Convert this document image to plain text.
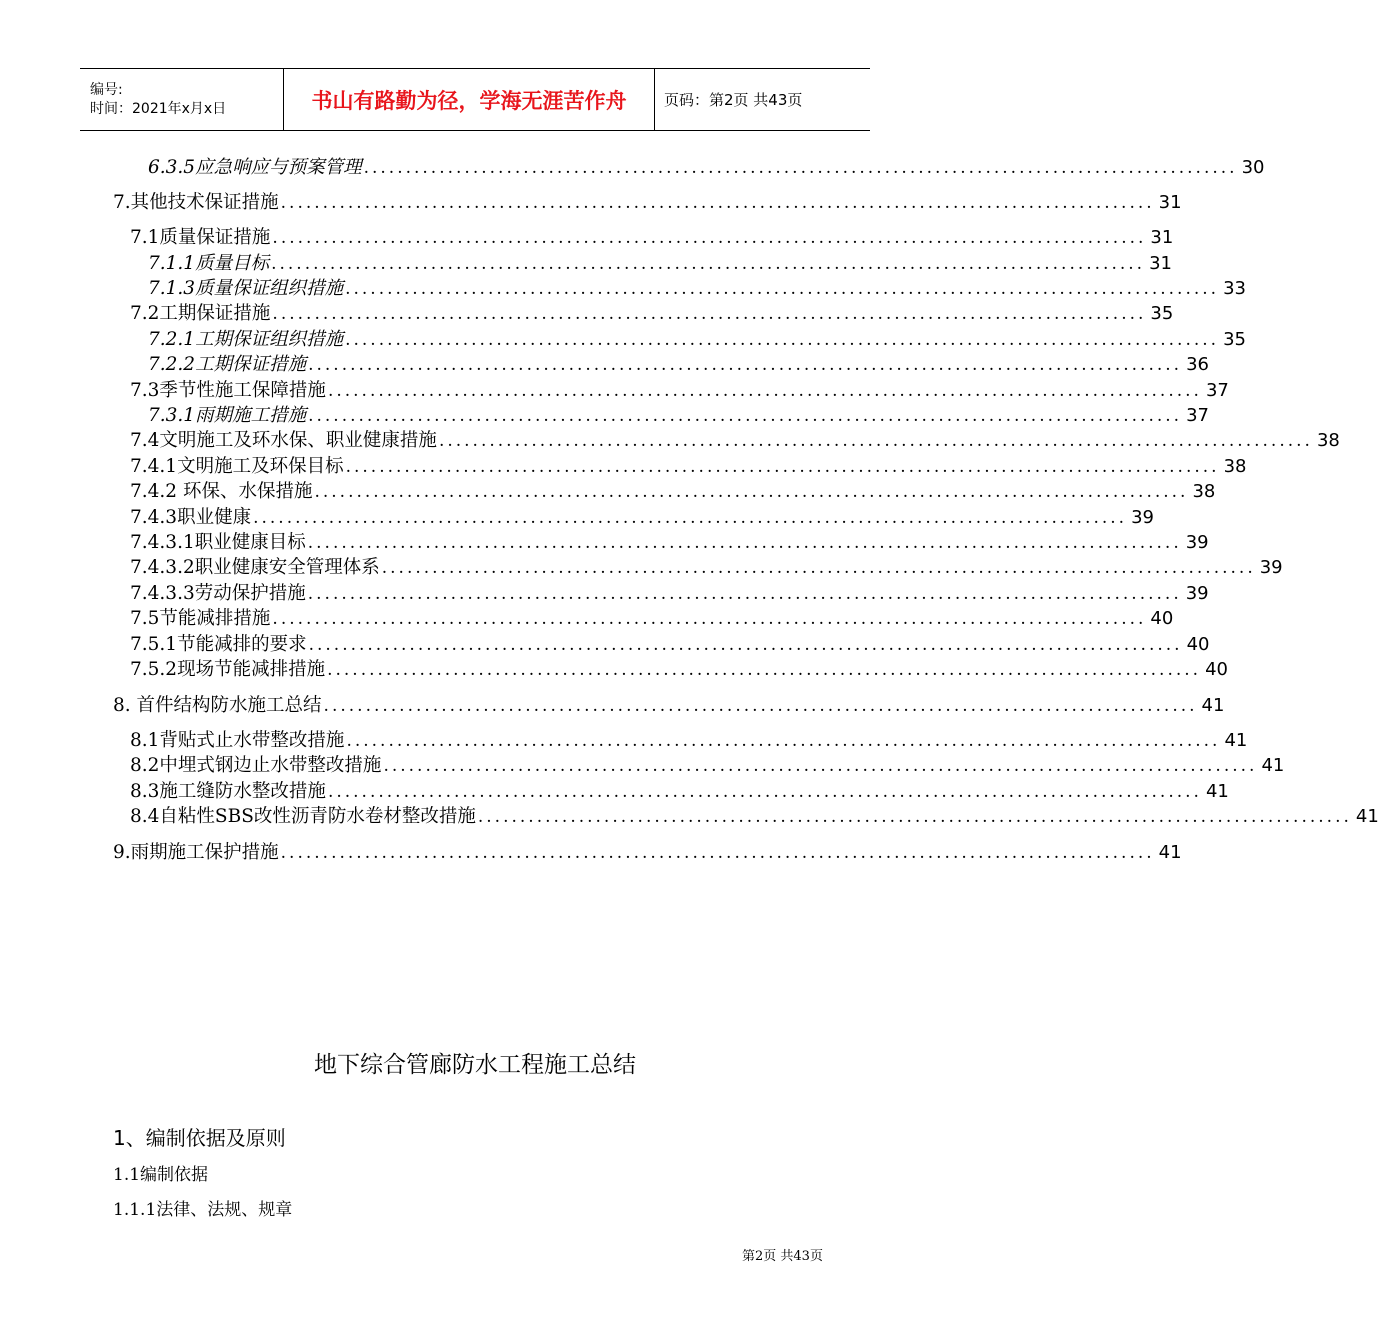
编号:
时间：2021年x月x日	书山有路勤为径，学海无涯苦作舟	页码：第2页 共43页
6.3.5应急响应与预案管理 ........................................................................................................ 30
7.其他技术保证措施 ........................................................................................................ 31
7.1质量保证措施 ........................................................................................................ 31
7.1.1质量目标 ........................................................................................................ 31
7.1.3质量保证组织措施 ........................................................................................................ 33
7.2工期保证措施 ........................................................................................................ 35
7.2.1工期保证组织措施 ........................................................................................................ 35
7.2.2工期保证措施 ........................................................................................................ 36
7.3季节性施工保障措施 ........................................................................................................ 37
7.3.1雨期施工措施 ........................................................................................................ 37
7.4文明施工及环水保、职业健康措施 ........................................................................................................ 38
7.4.1文明施工及环保目标 ........................................................................................................ 38
7.4.2 环保、水保措施 ........................................................................................................ 38
7.4.3职业健康 ........................................................................................................ 39
7.4.3.1职业健康目标 ........................................................................................................ 39
7.4.3.2职业健康安全管理体系 ........................................................................................................ 39
7.4.3.3劳动保护措施 ........................................................................................................ 39
7.5节能减排措施 ........................................................................................................ 40
7.5.1节能减排的要求 ........................................................................................................ 40
7.5.2现场节能减排措施 ........................................................................................................ 40
8. 首件结构防水施工总结 ........................................................................................................ 41
8.1背贴式止水带整改措施 ........................................................................................................ 41
8.2中埋式钢边止水带整改措施 ........................................................................................................ 41
8.3施工缝防水整改措施 ........................................................................................................ 41
8.4自粘性SBS改性沥青防水卷材整改措施 ........................................................................................................ 41
9.雨期施工保护措施 ........................................................................................................ 41
地下综合管廊防水工程施工总结
1、编制依据及原则
1.1编制依据
1.1.1法律、法规、规章
第2页 共43页
